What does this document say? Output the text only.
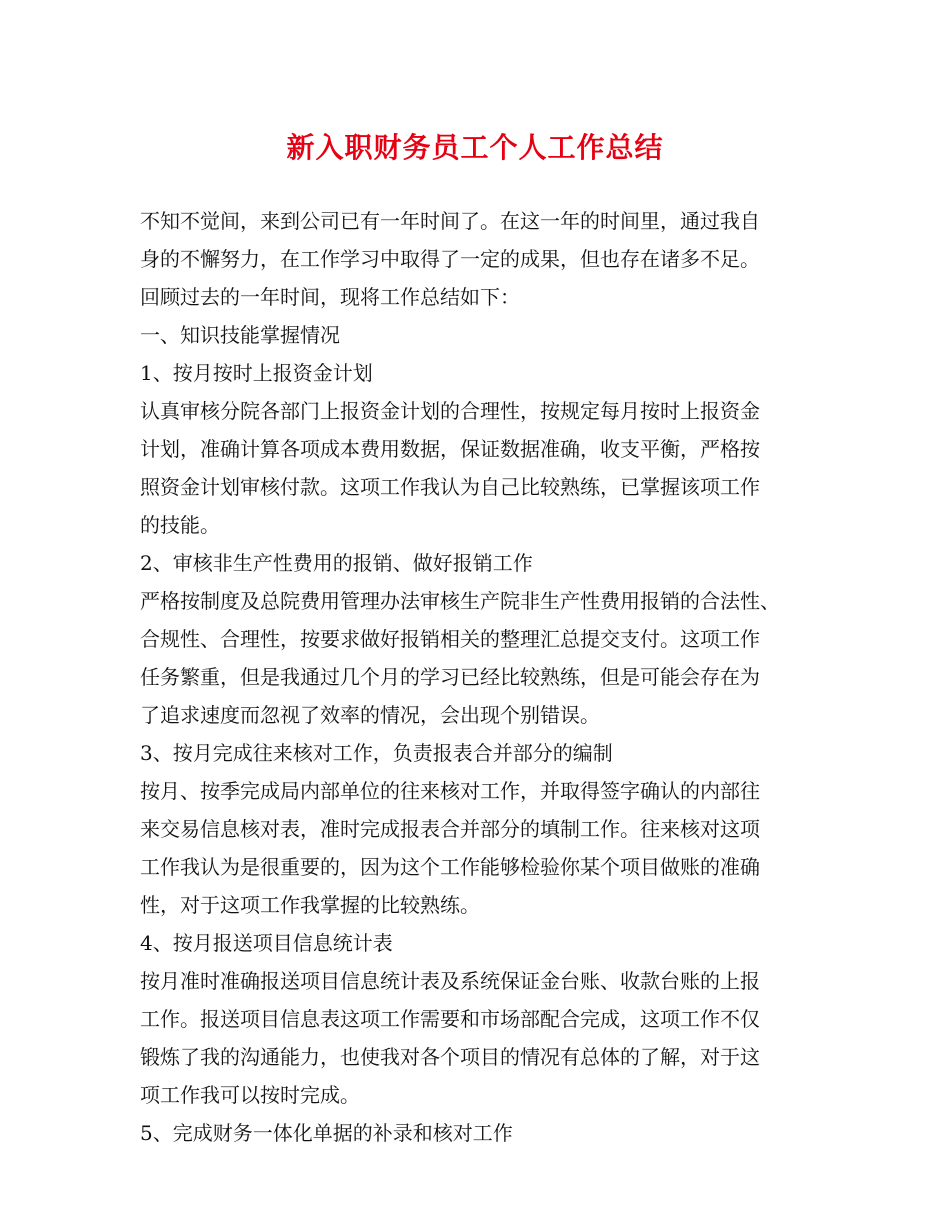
新入职财务员工个人工作总结
不知不觉间，来到公司已有一年时间了。在这一年的时间里，通过我自
身的不懈努力，在工作学习中取得了一定的成果，但也存在诸多不足。
回顾过去的一年时间，现将工作总结如下：
一、知识技能掌握情况
1、按月按时上报资金计划
认真审核分院各部门上报资金计划的合理性，按规定每月按时上报资金
计划，准确计算各项成本费用数据，保证数据准确，收支平衡，严格按
照资金计划审核付款。这项工作我认为自己比较熟练，已掌握该项工作
的技能。
2、审核非生产性费用的报销、做好报销工作
严格按制度及总院费用管理办法审核生产院非生产性费用报销的合法性、
合规性、合理性，按要求做好报销相关的整理汇总提交支付。这项工作
任务繁重，但是我通过几个月的学习已经比较熟练，但是可能会存在为
了追求速度而忽视了效率的情况，会出现个别错误。
3、按月完成往来核对工作，负责报表合并部分的编制
按月、按季完成局内部单位的往来核对工作，并取得签字确认的内部往
来交易信息核对表，准时完成报表合并部分的填制工作。往来核对这项
工作我认为是很重要的，因为这个工作能够检验你某个项目做账的准确
性，对于这项工作我掌握的比较熟练。
4、按月报送项目信息统计表
按月准时准确报送项目信息统计表及系统保证金台账、收款台账的上报
工作。报送项目信息表这项工作需要和市场部配合完成，这项工作不仅
锻炼了我的沟通能力，也使我对各个项目的情况有总体的了解，对于这
项工作我可以按时完成。
5、完成财务一体化单据的补录和核对工作
